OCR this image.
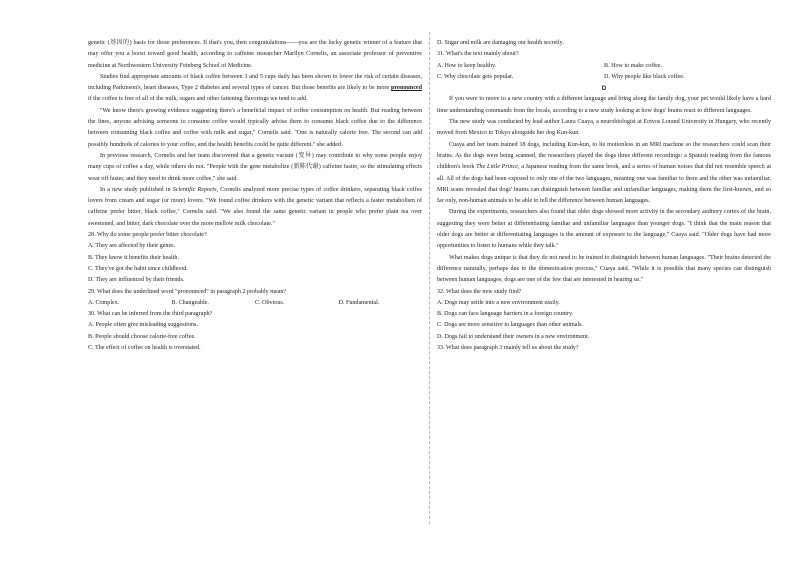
genetic (基因的) basis for those preferences. If that's you, then congratulations——you are the lucky genetic winner of a feature that may offer you a boost toward good health, according to caffeine researcher Marilyn Cornelis, an associate professor of preventive medicine at Northwestern University Feinberg School of Medicine.

Studies find appropriate amounts of black coffee between 3 and 5 cups daily has been shown to lower the risk of certain diseases, including Parkinson's, heart diseases, Type 2 diabetes and several types of cancer. But those benefits are likely to be more pronounced if the coffee is free of all of the milk, sugars and other fattening flavorings we tend to add.

"We know there's growing evidence suggesting there's a beneficial impact of coffee consumption on health. But reading between the lines, anyone advising someone to consume coffee would typically advise them to consume black coffee due to the difference between consuming black coffee and coffee with milk and sugar," Cornelis said. "One is naturally calorie free. The second can add possibly hundreds of calories to your coffee, and the health benefits could be quite different." she added.

In previous research, Cornelis and her team discovered that a genetic variant (变异) may contribute to why some people enjoy many cups of coffee a day, while others do not. "People with the gene metabolize (新陈代谢) caffeine faster, so the stimulating effects wear off faster, and they need to drink more coffee," she said.

In a new study published in Scientific Reports, Cornelis analyzed more precise types of coffee drinkers, separating black coffee lovers from cream and sugar (or more) lovers. "We found coffee drinkers with the genetic variant that reflects a faster metabolism of caffeine prefer bitter, black coffee," Cornelis said. "We also found the same genetic variant in people who prefer plain tea over sweetened, and bitter, dark chocolate over the more mellow milk chocolate."

28. Why do some people prefer bitter chocolate?
A. They are affected by their genes.
B. They know it benefits their health.
C. They've got the habit since childhood.
D. They are influenced by their friends.
29. What does the underlined word "pronounced" in paragraph 2 probably mean?
A. Complex.	B. Changeable.	C. Obvious.	D. Fundamental.
30. What can be inferred from the third paragraph?
A. People often give misleading suggestions.
B. People should choose calorie-free coffee.
C. The effect of coffee on health is overstated.
D. Sugar and milk are damaging our health secretly.
31. What's the text mainly about?
A. How to keep healthy.	B. How to make coffee.
C. Why chocolate gets popular.	D. Why people like black coffee.
D

If you were to move to a new country with a different language and bring along the family dog, your pet would likely have a hard time understanding commands from the locals, according to a new study looking at how dogs' brains react to different languages.

The new study was conducted by lead author Laura Cuaya, a neurobiologist at Eotvos Lorand University in Hungary, who recently moved from Mexico to Tokyo alongside her dog Kun-kun.

Cuaya and her team trained 18 dogs, including Kun-kun, to lie motionless in an MRI machine so the researchers could scan their brains. As the dogs were being scanned, the researchers played the dogs three different recordings: a Spanish reading from the famous children's book The Little Prince, a Japanese reading from the same book, and a series of human noises that did not resemble speech at all. All of the dogs had been exposed to only one of the two languages, meaning one was familiar to them and the other was unfamiliar. MRI scans revealed that dogs' brains can distinguish between familiar and unfamiliar languages, making them the first-known, and so far only, non-human animals to be able to tell the difference between human languages.

During the experiments, researchers also found that older dogs showed more activity in the secondary auditory cortex of the brain, suggesting they were better at differentiating familiar and unfamiliar languages than younger dogs. "I think that the main reason that older dogs are better at differentiating languages is the amount of exposure to the language," Cuaya said. "Older dogs have had more opportunities to listen to humans while they talk."

What makes dogs unique is that they do not need to be trained to distinguish between human languages. "Their brains detected the difference naturally, perhaps due to the domestication process," Cuaya said. "While it is possible that many species can distinguish between human languages, dogs are one of the few that are interested in hearing us."

32. What does the new study find?
A. Dogs may settle into a new environment easily.
B. Dogs can face language barriers in a foreign country.
C. Dogs are more sensitive to languages than other animals.
D. Dogs fail to understand their owners in a new environment.
33. What does paragraph 3 mainly tell us about the study?
